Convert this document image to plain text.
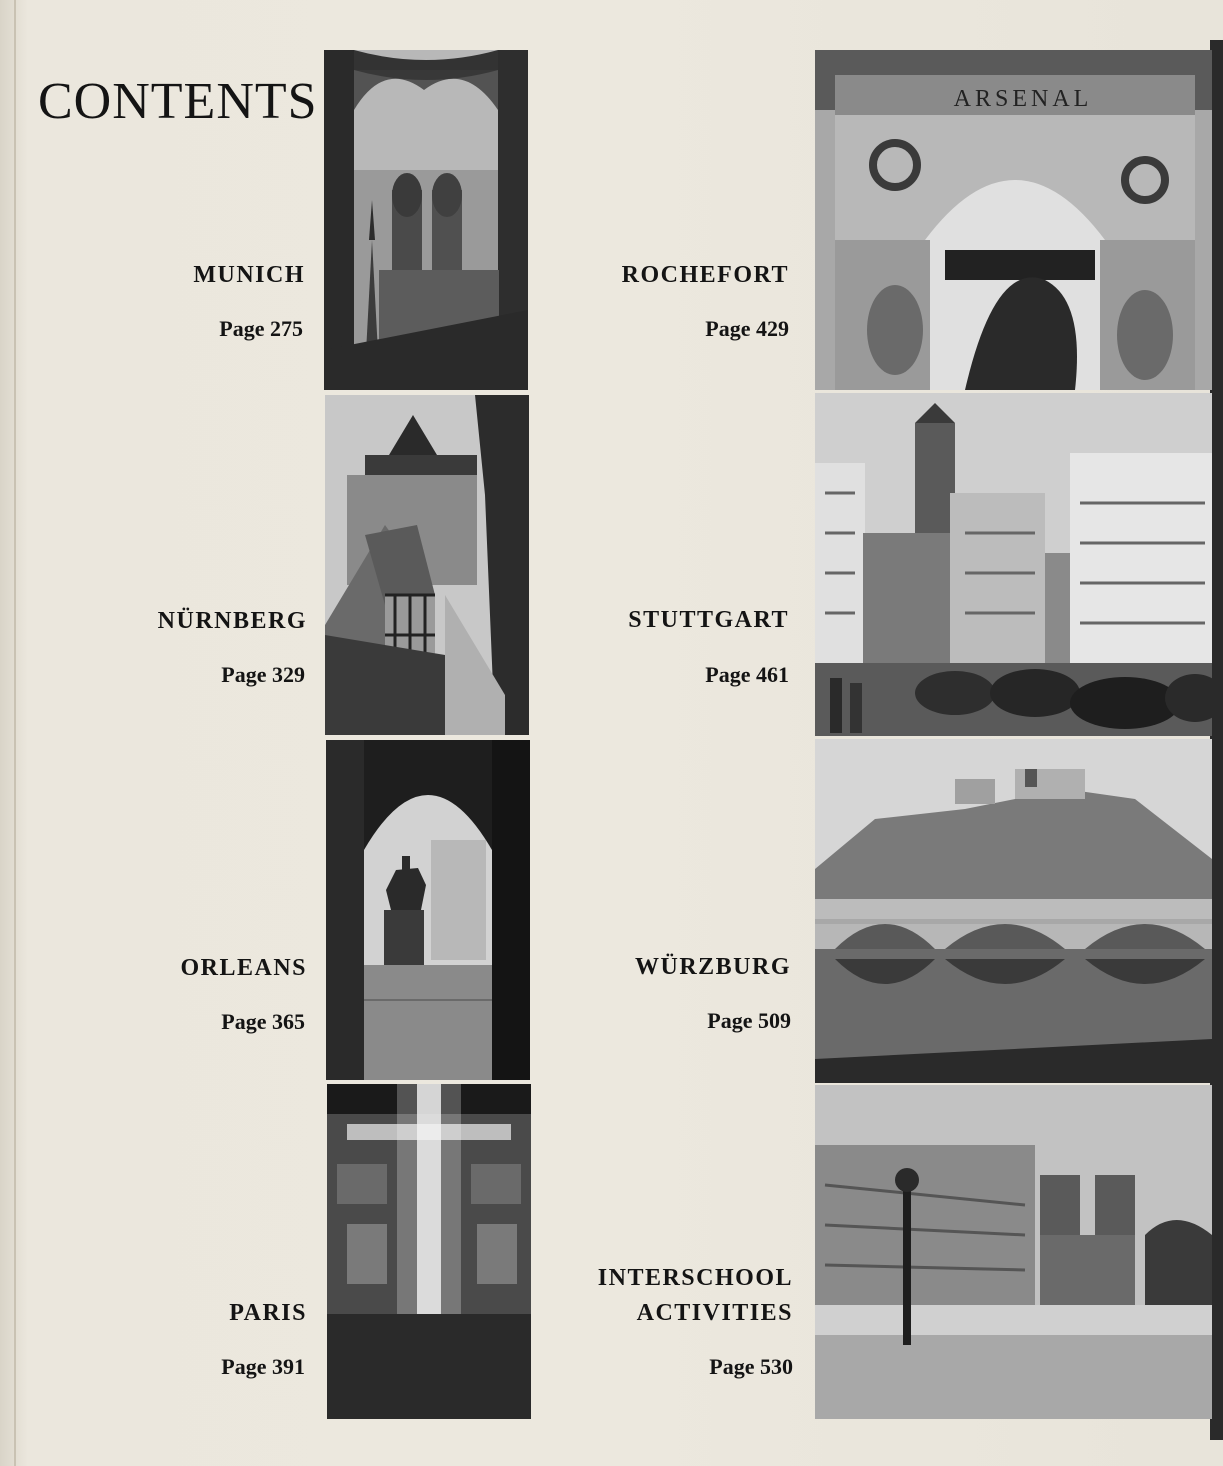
CONTENTS
MUNICH
Page 275
NÜRNBERG
Page 329
ORLEANS
Page 365
PARIS
Page 391
ROCHEFORT
Page 429
STUTTGART
Page 461
WÜRZBURG
Page 509
INTERSCHOOL
ACTIVITIES
Page 530
ARSENAL
